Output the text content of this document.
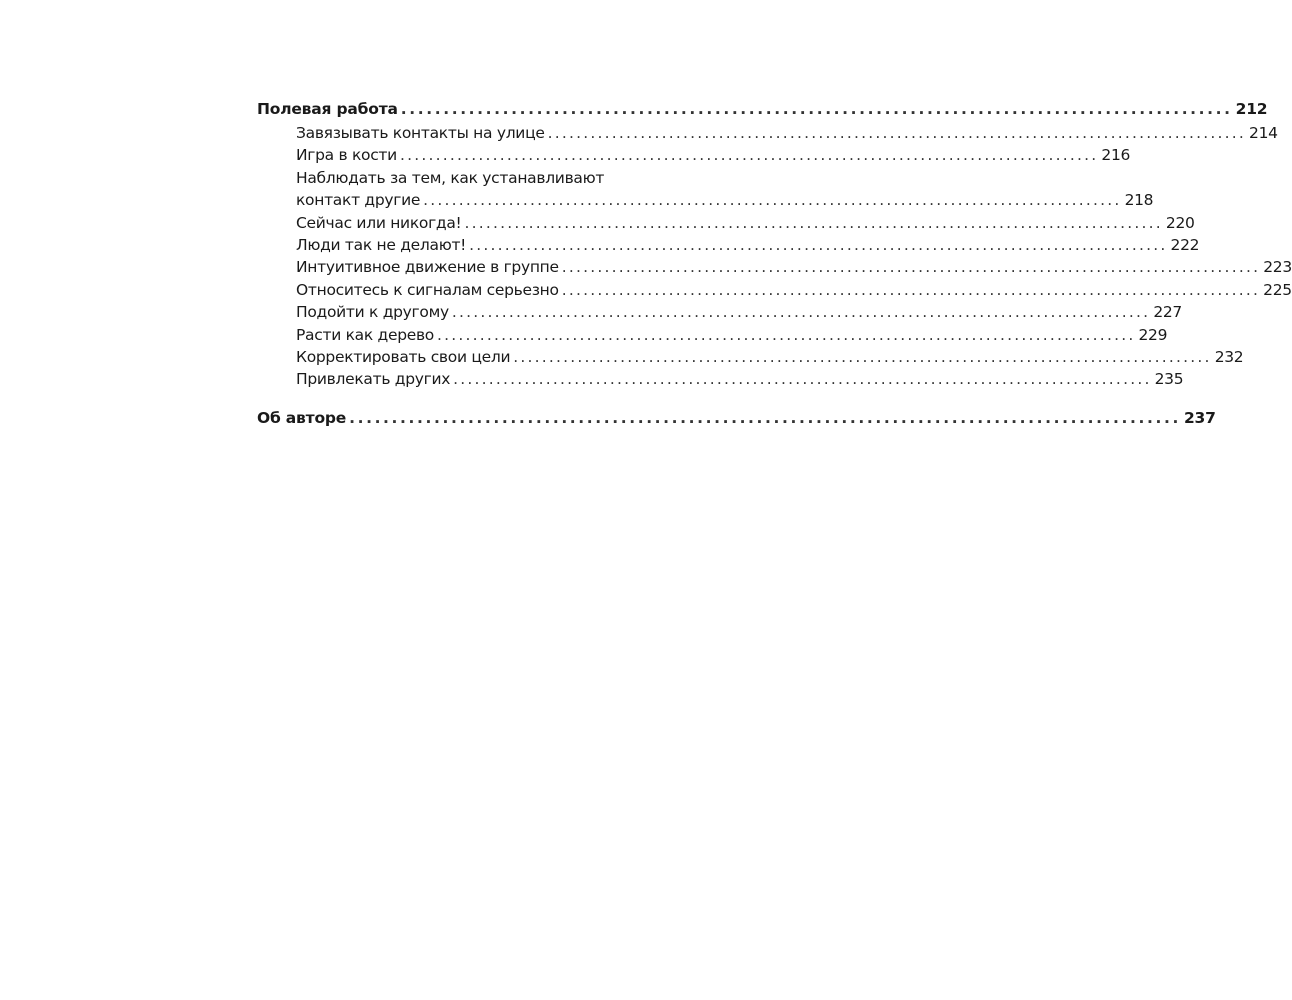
Полевая работа .................................................................................................. 212
Завязывать контакты на улице .................................................................................................. 214
Игра в кости .................................................................................................. 216
Наблюдать за тем, как устанавливают
контакт другие .................................................................................................. 218
Сейчас или никогда! .................................................................................................. 220
Люди так не делают! .................................................................................................. 222
Интуитивное движение в группе .................................................................................................. 223
Относитесь к сигналам серьезно .................................................................................................. 225
Подойти к другому .................................................................................................. 227
Расти как дерево .................................................................................................. 229
Корректировать свои цели .................................................................................................. 232
Привлекать других .................................................................................................. 235
Об авторе .................................................................................................. 237
